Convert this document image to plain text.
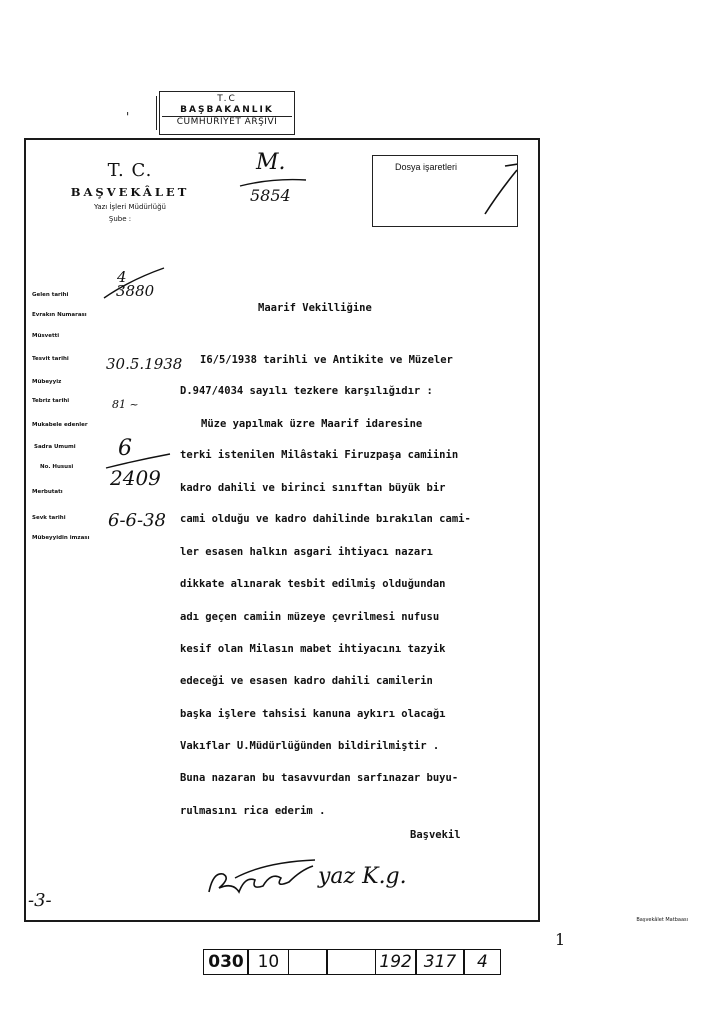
'
T.C
BAŞBAKANLIK
CUMHURİYET ARŞİVİ
T. C.
BAŞVEKÂLET
Yazı İşleri Müdürlüğü
Şube :
Dosya işaretleri
M.
5854
4
3880
30.5.1938
81 ~
6
2409
6-6-38
Gelen tarihi
Evrakın Numarası
Müsvetti
Tesvit tarihi
Mübeyyiz
Tebriz tarihi
Mukabele edenler
Sadra Umumi
No. Hususi
Merbutatı
Sevk tarihi
Mübeyyidin imzası
Maarif Vekilliğine
I6/5/1938 tarihli ve Antikite ve Müzeler
D.947/4034 sayılı tezkere karşılığıdır :
Müze yapılmak üzre Maarif idaresine
terki istenilen Milâstaki Firuzpaşa camiinin
kadro dahili ve birinci sınıftan büyük bir
cami olduğu ve kadro dahilinde bırakılan cami-
ler esasen halkın asgari ihtiyacı nazarı
dikkate alınarak tesbit edilmiş olduğundan
adı geçen camiin müzeye çevrilmesi nufusu
kesif olan Milasın mabet ihtiyacını tazyik
edeceği ve esasen kadro dahili camilerin
başka işlere tahsisi kanuna aykırı olacağı
Vakıflar U.Müdürlüğünden bildirilmiştir .
Buna nazaran bu tasavvurdan sarfınazar buyu-
rulmasını rica ederim .
Başvekil
yaz K.g.
-3-
Başvekâlet Matbaası
1
030 10	192 317	4
